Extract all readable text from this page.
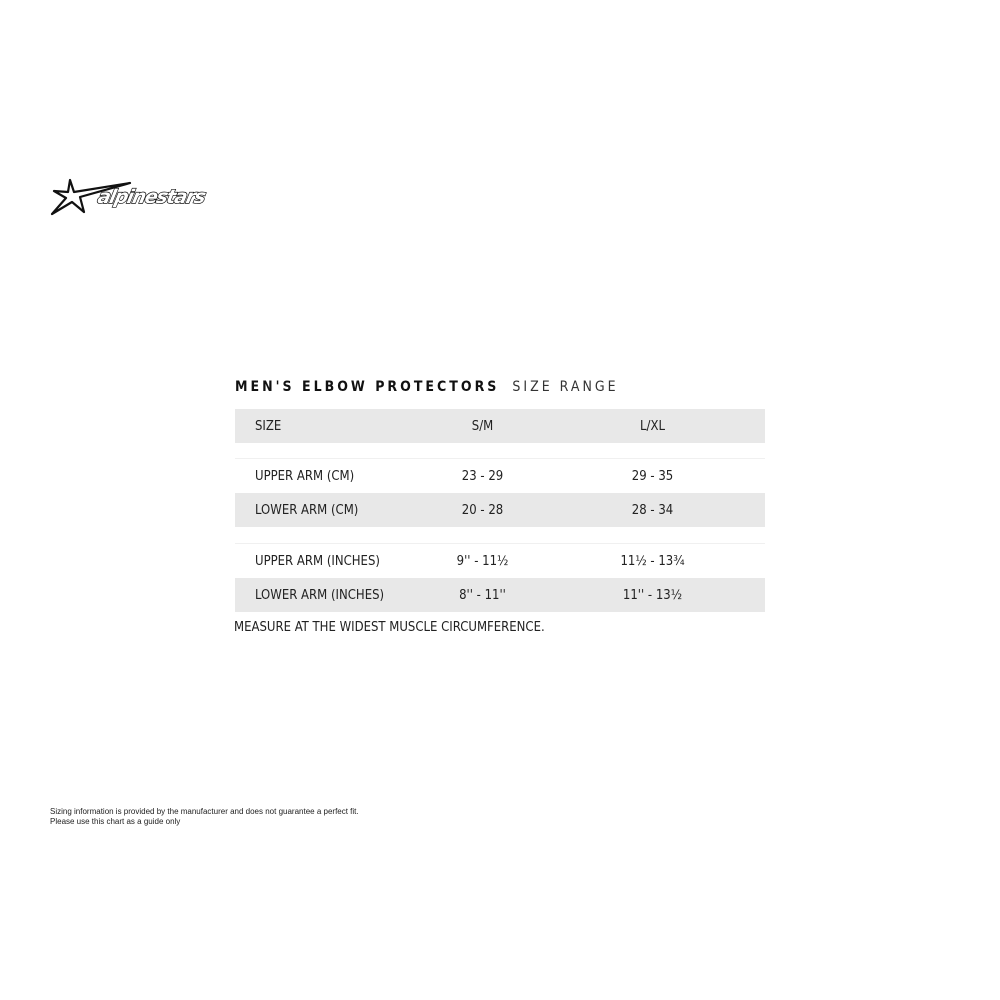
alpinestars
MEN'S ELBOW PROTECTORS SIZE RANGE
SIZE	S/M	L/XL
UPPER ARM (CM)	23 - 29	29 - 35
LOWER ARM (CM)	20 - 28	28 - 34
UPPER ARM (INCHES)	9'' - 11½	11½ - 13¾
LOWER ARM (INCHES)	8'' - 11''	11'' - 13½
MEASURE AT THE WIDEST MUSCLE CIRCUMFERENCE.
Sizing information is provided by the manufacturer and does not guarantee a perfect fit.
Please use this chart as a guide only
